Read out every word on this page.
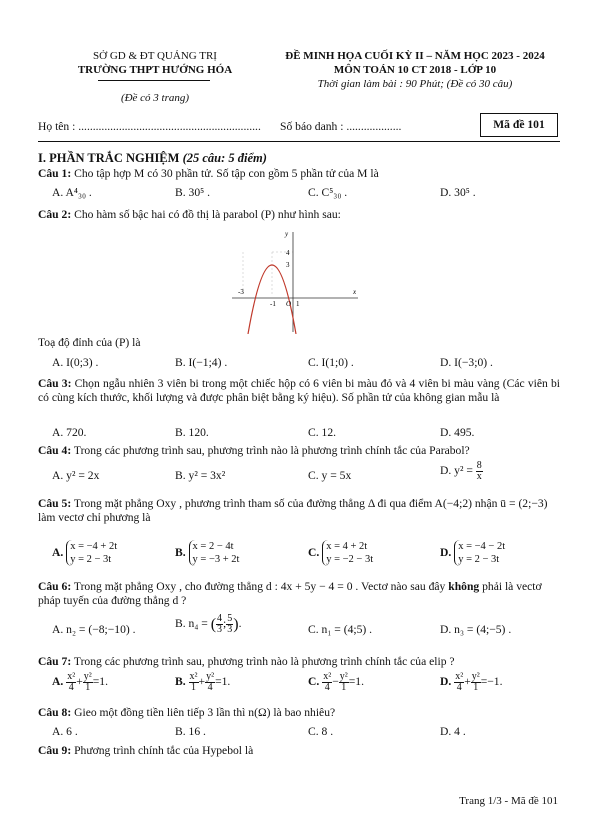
SỞ GD & ĐT QUẢNG TRỊ
TRƯỜNG THPT HƯỚNG HÓA
(Đề có 3 trang)
ĐỀ MINH HỌA CUỐI KỲ II – NĂM HỌC 2023 - 2024
MÔN TOÁN 10 CT 2018 - LỚP 10
Thời gian làm bài : 90 Phút; (Đề có 30 câu)
Họ tên : ............................................................... Số báo danh : ...................	Mã đề 101
I. PHẦN TRẮC NGHIỆM (25 câu: 5 điểm)
Câu 1: Cho tập hợp M có 30 phần tử. Số tập con gồm 5 phần tử của M là
A. A⁴₃₀ .	B. 30⁵ .	C. C⁵₃₀ .	D. 30⁵ .
Câu 2: Cho hàm số bậc hai có đồ thị là parabol (P) như hình sau:
x
y
-3
-1 O 1
4
3
Toạ độ đỉnh của (P) là
A. I(0;3) .	B. I(−1;4) .	C. I(1;0) .	D. I(−3;0) .
Câu 3: Chọn ngẫu nhiên 3 viên bi trong một chiếc hộp có 6 viên bi màu đỏ và 4 viên bi màu vàng (Các viên bi có cùng kích thước, khối lượng và được phân biệt bằng ký hiệu). Số phần tử của không gian mẫu là
A. 720.	B. 120.	C. 12.	D. 495.
Câu 4: Trong các phương trình sau, phương trình nào là phương trình chính tắc của Parabol?
A. y² = 2x	B. y² = 3x²	C. y = 5x	D. $y^2 = \frac{8}{x}$
Câu 5: Trong mặt phẳng Oxy , phương trình tham số của đường thẳng Δ đi qua điểm A(−4;2) nhận ū = (2;−3) làm vectơ chỉ phương là
A. x = −4 + 2t
y = 2 − 3t
B. x = 2 − 4t
y = −3 + 2t
C. x = 4 + 2t
y = −2 − 3t
D. x = −4 − 2t
y = 2 − 3t
Câu 6: Trong mặt phẳng Oxy , cho đường thẳng d : 4x + 5y − 4 = 0 . Vectơ nào sau đây không phải là vectơ pháp tuyến của đường thẳng d ?
A. n₂ = (−8;−10) .	B. n₄ = ( $\frac{4}{3}$ ; $\frac{5}{3}$ ).	C. n₁ = (4;5) .	D. n₃ = (4;−5) .
Câu 7: Trong các phương trình sau, phương trình nào là phương trình chính tắc của elip ?
A. $\frac{\text{x²}}{4} + \frac{\text{y²}}{1} =1$.	B. $\frac{\text{x²}}{1} + \frac{\text{y²}}{4} =1$.	C. $\frac{\text{x²}}{4} - \frac{\text{y²}}{1} =1$.	D. $\frac{\text{x²}}{4} + \frac{\text{y²}}{1} =-1$.
Câu 8: Gieo một đồng tiền liên tiếp 3 lần thì n(Ω) là bao nhiêu?
A. 6 .	B. 16 .	C. 8 .	D. 4 .
Câu 9: Phương trình chính tắc của Hypebol là
Trang 1/3 - Mã đề 101
